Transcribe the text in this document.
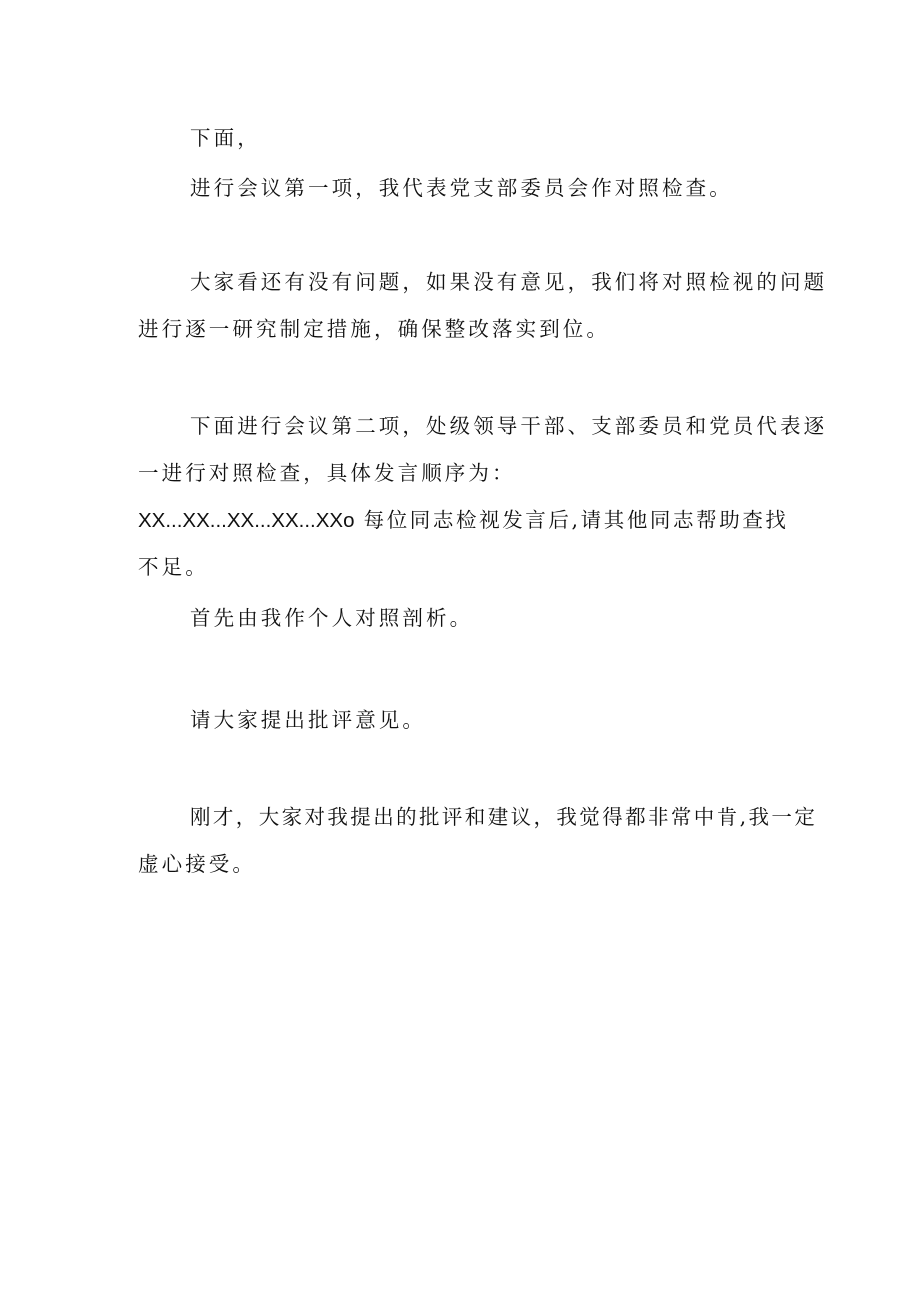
下面，
进行会议第一项，我代表党支部委员会作对照检查。
大家看还有没有问题，如果没有意见，我们将对照检视的问题
进行逐一研究制定措施，确保整改落实到位。
下面进行会议第二项，处级领导干部、支部委员和党员代表逐
一进行对照检查，具体发言顺序为：
XX...XX...XX...XX...XXo 每位同志检视发言后,请其他同志帮助查找
不足。
首先由我作个人对照剖析。
请大家提出批评意见。
刚才，大家对我提出的批评和建议，我觉得都非常中肯,我一定
虚心接受。
